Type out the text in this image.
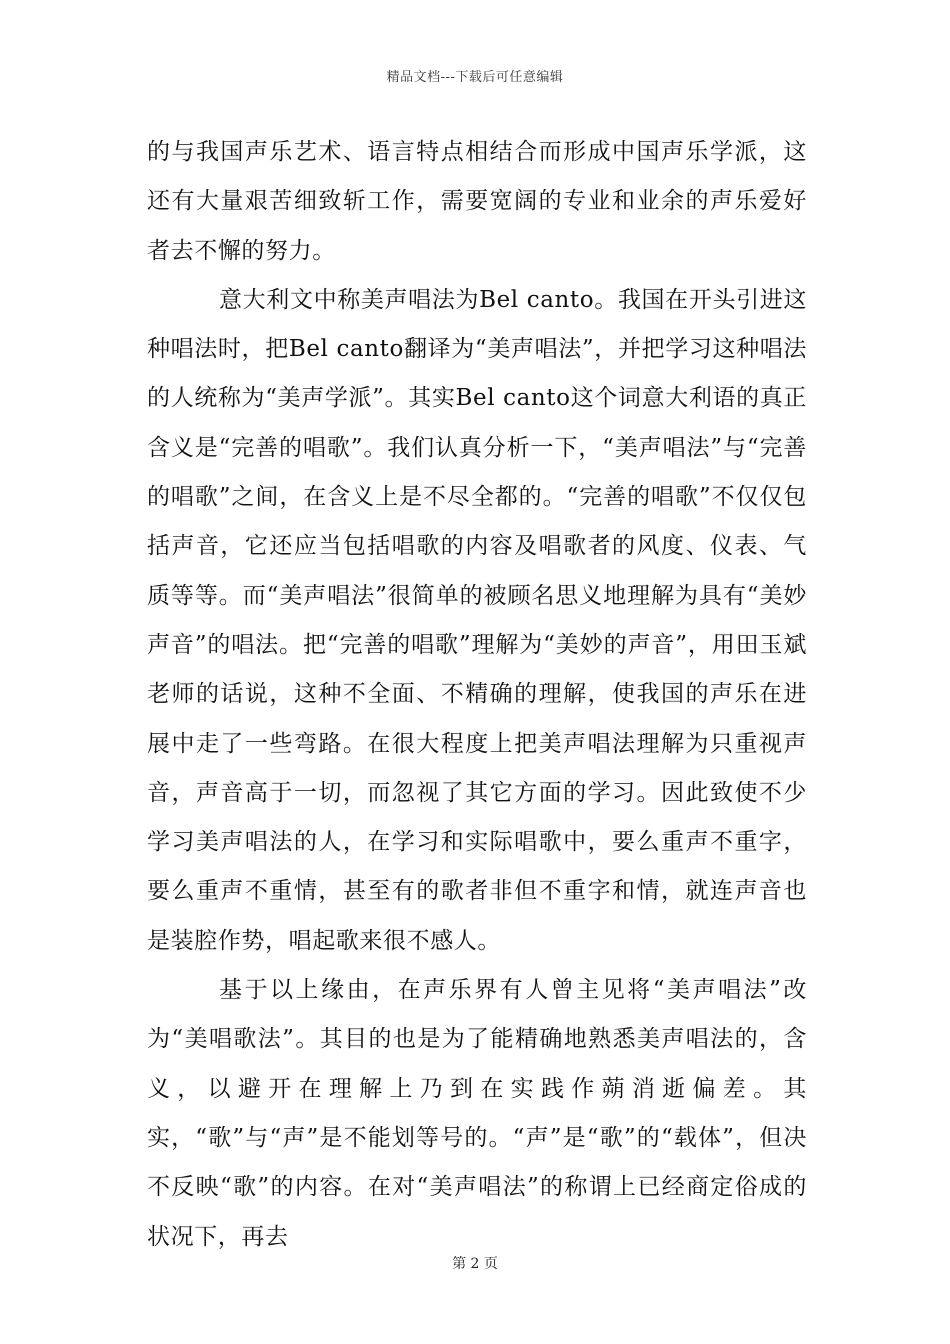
精品文档---下载后可任意编辑

的与我国声乐艺术、语言特点相结合而形成中国声乐学派，这还有大量艰苦细致斩工作，需要宽阔的专业和业余的声乐爱好者去不懈的努力。

意大利文中称美声唱法为Bel canto。我国在开头引进这种唱法时，把Bel canto翻译为“美声唱法”，并把学习这种唱法的人统称为“美声学派”。其实Bel canto这个词意大利语的真正含义是“完善的唱歌”。我们认真分析一下，“美声唱法”与“完善的唱歌”之间，在含义上是不尽全都的。“完善的唱歌”不仅仅包括声音，它还应当包括唱歌的内容及唱歌者的风度、仪表、气质等等。而“美声唱法”很简单的被顾名思义地理解为具有“美妙声音”的唱法。把“完善的唱歌”理解为“美妙的声音”，用田玉斌老师的话说，这种不全面、不精确的理解，使我国的声乐在进展中走了一些弯路。在很大程度上把美声唱法理解为只重视声音，声音高于一切，而忽视了其它方面的学习。因此致使不少学习美声唱法的人，在学习和实际唱歌中，要么重声不重字，要么重声不重情，甚至有的歌者非但不重字和情，就连声音也是装腔作势，唱起歌来很不感人。

基于以上缘由，在声乐界有人曾主见将“美声唱法”改为“美唱歌法”。其目的也是为了能精确地熟悉美声唱法的，含义，以避开在理解上乃到在实践作蒴消逝偏差。其实，“歌”与“声”是不能划等号的。“声”是“歌”的“载体”，但决不反映“歌”的内容。在对“美声唱法”的称谓上已经商定俗成的状况下，再去

第 2 页
